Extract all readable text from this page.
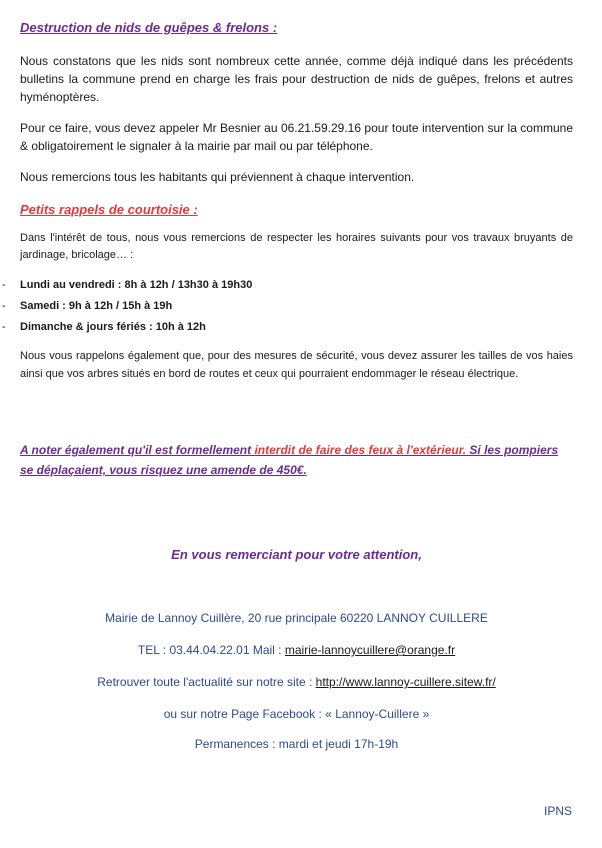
Destruction de nids de guêpes & frelons :

Nous constatons que les nids sont nombreux cette année, comme déjà indiqué dans les précédents bulletins la commune prend en charge les frais pour destruction de nids de guêpes, frelons et autres hyménoptères.

Pour ce faire, vous devez appeler Mr Besnier au 06.21.59.29.16 pour toute intervention sur la commune & obligatoirement le signaler à la mairie par mail ou par téléphone.

Nous remercions tous les habitants qui préviennent à chaque intervention.

Petits rappels de courtoisie :

Dans l'intérêt de tous, nous vous remercions de respecter les horaires suivants pour vos travaux bruyants de jardinage, bricolage… :

- Lundi au vendredi : 8h à 12h / 13h30 à 19h30
- Samedi : 9h à 12h / 15h à 19h
- Dimanche & jours fériés : 10h à 12h

Nous vous rappelons également que, pour des mesures de sécurité, vous devez assurer les tailles de vos haies ainsi que vos arbres situés en bord de routes et ceux qui pourraient endommager le réseau électrique.

A noter également qu'il est formellement interdit de faire des feux à l'extérieur. Si les pompiers se déplaçaient, vous risquez une amende de 450€.

En vous remerciant pour votre attention,
Mairie de Lannoy Cuillère, 20 rue principale 60220 LANNOY CUILLERE
TEL : 03.44.04.22.01 Mail : mairie-lannoycuillere@orange.fr
Retrouver toute l'actualité sur notre site : http://www.lannoy-cuillere.sitew.fr/
ou sur notre Page Facebook : « Lannoy-Cuillere »
Permanences : mardi et jeudi 17h-19h
IPNS
